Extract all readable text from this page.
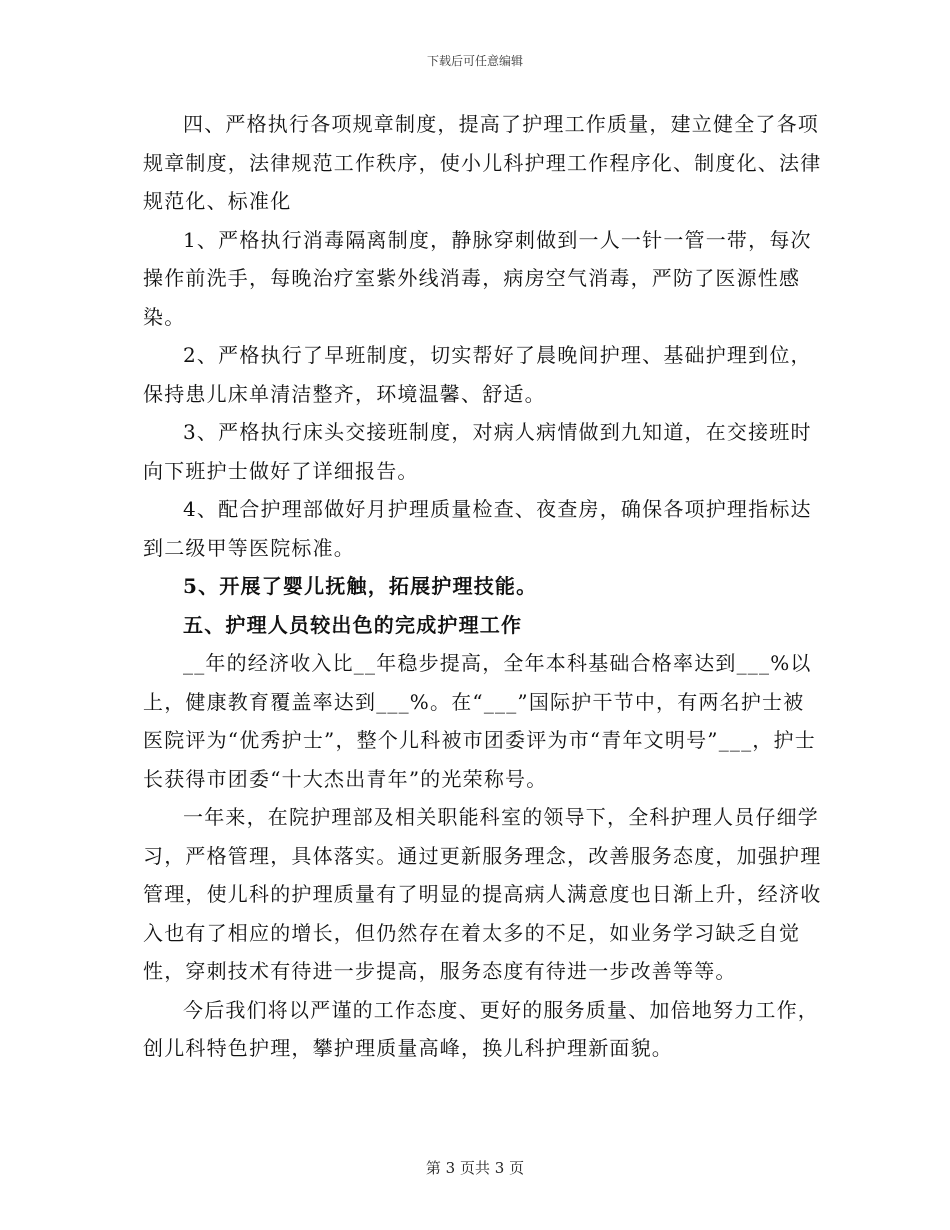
下载后可任意编辑

四、严格执行各项规章制度，提高了护理工作质量，建立健全了各项规章制度，法律规范工作秩序，使小儿科护理工作程序化、制度化、法律规范化、标准化

1、严格执行消毒隔离制度，静脉穿刺做到一人一针一管一带，每次操作前洗手，每晚治疗室紫外线消毒，病房空气消毒，严防了医源性感染。

2、严格执行了早班制度，切实帮好了晨晚间护理、基础护理到位，保持患儿床单清洁整齐，环境温馨、舒适。

3、严格执行床头交接班制度，对病人病情做到九知道，在交接班时向下班护士做好了详细报告。

4、配合护理部做好月护理质量检查、夜查房，确保各项护理指标达到二级甲等医院标准。

5、开展了婴儿抚触，拓展护理技能。

五、护理人员较出色的完成护理工作

__年的经济收入比__年稳步提高，全年本科基础合格率达到___%以上，健康教育覆盖率达到___%。在“___”国际护干节中，有两名护士被医院评为“优秀护士”，整个儿科被市团委评为市“青年文明号”___，护士长获得市团委“十大杰出青年”的光荣称号。

一年来，在院护理部及相关职能科室的领导下，全科护理人员仔细学习，严格管理，具体落实。通过更新服务理念，改善服务态度，加强护理管理，使儿科的护理质量有了明显的提高病人满意度也日渐上升，经济收入也有了相应的增长，但仍然存在着太多的不足，如业务学习缺乏自觉性，穿刺技术有待进一步提高，服务态度有待进一步改善等等。

今后我们将以严谨的工作态度、更好的服务质量、加倍地努力工作，创儿科特色护理，攀护理质量高峰，换儿科护理新面貌。

第 3 页共 3 页
